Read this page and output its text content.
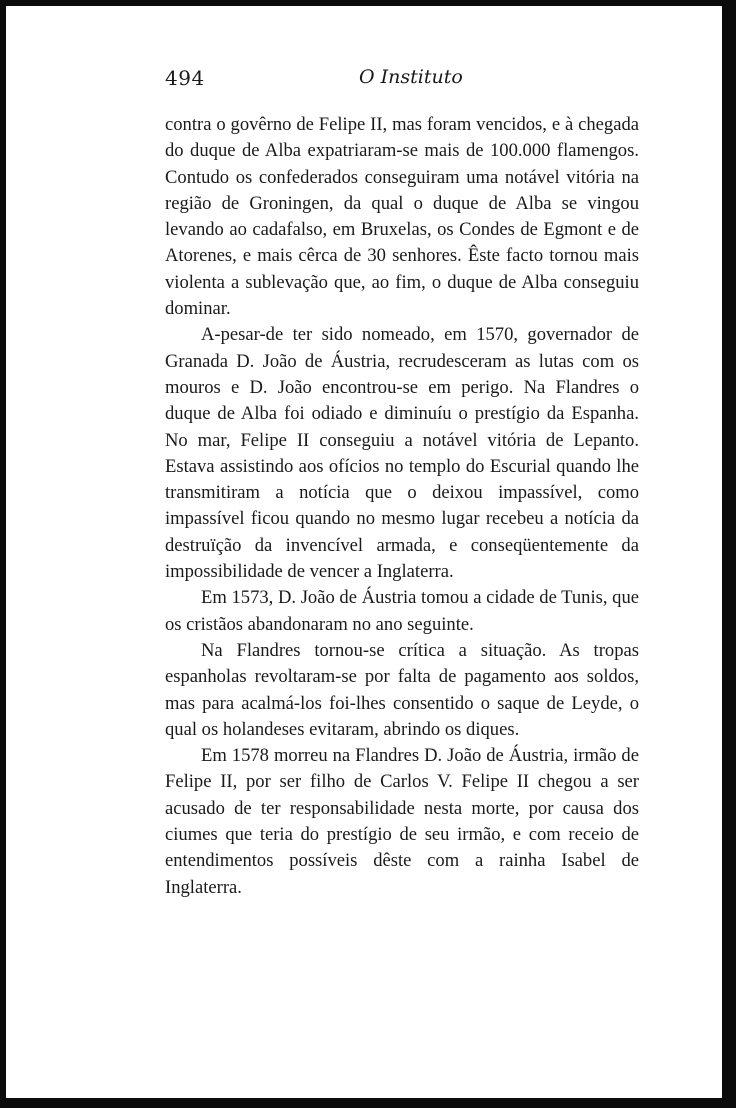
494	O Instituto

contra o govêrno de Felipe II, mas foram vencidos, e à chegada do duque de Alba expatriaram-se mais de 100.000 flamengos. Contudo os confederados conseguiram uma notável vitória na região de Groningen, da qual o duque de Alba se vingou levando ao cadafalso, em Bruxelas, os Condes de Egmont e de Atorenes, e mais cêrca de 30 senhores. Êste facto tornou mais violenta a sublevação que, ao fim, o duque de Alba conseguiu dominar.

A-pesar-de ter sido nomeado, em 1570, governador de Granada D. João de Áustria, recrudesceram as lutas com os mouros e D. João encontrou-se em perigo. Na Flandres o duque de Alba foi odiado e diminuíu o prestígio da Espanha. No mar, Felipe II conseguiu a notável vitória de Lepanto. Estava assistindo aos ofícios no templo do Escurial quando lhe transmitiram a notícia que o deixou impassível, como impassível ficou quando no mesmo lugar recebeu a notícia da destruïção da invencível armada, e conseqüentemente da impossibilidade de vencer a Inglaterra.

Em 1573, D. João de Áustria tomou a cidade de Tunis, que os cristãos abandonaram no ano seguinte.

Na Flandres tornou-se crítica a situação. As tropas espanholas revoltaram-se por falta de pagamento aos soldos, mas para acalmá-los foi-lhes consentido o saque de Leyde, o qual os holandeses evitaram, abrindo os diques.

Em 1578 morreu na Flandres D. João de Áustria, irmão de Felipe II, por ser filho de Carlos V. Felipe II chegou a ser acusado de ter responsabilidade nesta morte, por causa dos ciumes que teria do prestígio de seu irmão, e com receio de entendimentos possíveis dêste com a rainha Isabel de Inglaterra.
